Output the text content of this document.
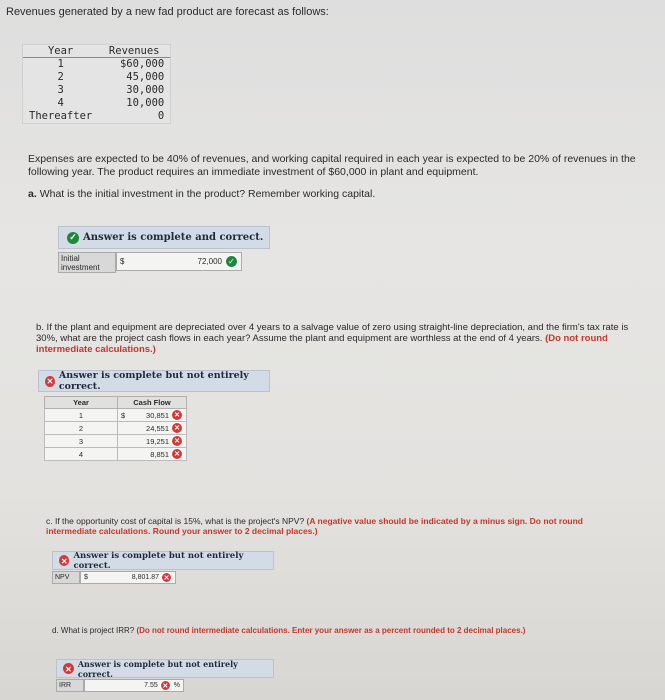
Revenues generated by a new fad product are forecast as follows:
Year	Revenues
1	$60,000
2	45,000
3	30,000
4	10,000
Thereafter	0
Expenses are expected to be 40% of revenues, and working capital required in each year is expected to be 20% of revenues in the following year. The product requires an immediate investment of $60,000 in plant and equipment.
a. What is the initial investment in the product? Remember working capital.
✓ Answer is complete and correct.
Initial investment
$	72,000 ✓
b. If the plant and equipment are depreciated over 4 years to a salvage value of zero using straight-line depreciation, and the firm's tax rate is 30%, what are the project cash flows in each year? Assume the plant and equipment are worthless at the end of 4 years. (Do not round intermediate calculations.)
✕ Answer is complete but not entirely correct.
Year	Cash Flow
1	$ 30,851 ✕

2	24,551 ✕

3	19,251 ✕

4	8,851 ✕
c. If the opportunity cost of capital is 15%, what is the project's NPV? (A negative value should be indicated by a minus sign. Do not round intermediate calculations. Round your answer to 2 decimal places.)
✕ Answer is complete but not entirely correct.
NPV	$	8,801.87 ✕
d. What is project IRR? (Do not round intermediate calculations. Enter your answer as a percent rounded to 2 decimal places.)
✕ Answer is complete but not entirely correct.
IRR	7.55 ✕ %
